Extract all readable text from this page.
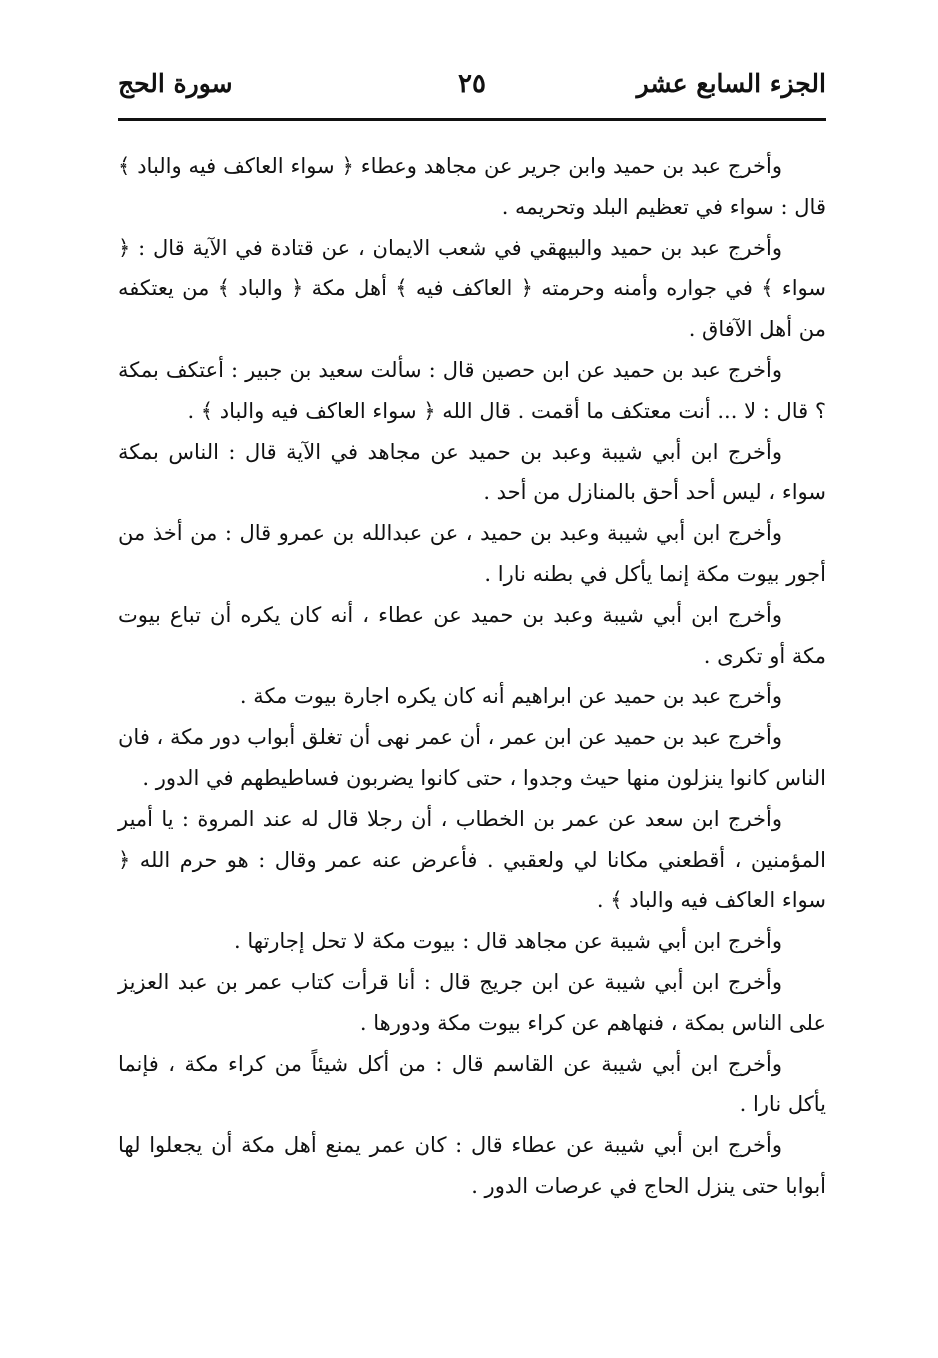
الجزء السابع عشر
٢٥
سورة الحج

وأخرج عبد بن حميد وابن جرير عن مجاهد وعطاء ﴿ سواء العاكف فيه والباد ﴾ قال : سواء في تعظيم البلد وتحريمه .

وأخرج عبد بن حميد والبيهقي في شعب الايمان ، عن قتادة في الآية قال : ﴿ سواء ﴾ في جواره وأمنه وحرمته ﴿ العاكف فيه ﴾ أهل مكة ﴿ والباد ﴾ من يعتكفه من أهل الآفاق .

وأخرج عبد بن حميد عن ابن حصين قال : سألت سعيد بن جبير : أعتكف بمكة ؟ قال : لا ... أنت معتكف ما أقمت . قال الله ﴿ سواء العاكف فيه والباد ﴾ .

وأخرج ابن أبي شيبة وعبد بن حميد عن مجاهد في الآية قال : الناس بمكة سواء ، ليس أحد أحق بالمنازل من أحد .

وأخرج ابن أبي شيبة وعبد بن حميد ، عن عبدالله بن عمرو قال : من أخذ من أجور بيوت مكة إنما يأكل في بطنه نارا .

وأخرج ابن أبي شيبة وعبد بن حميد عن عطاء ، أنه كان يكره أن تباع بيوت مكة أو تكرى .

وأخرج عبد بن حميد عن ابراهيم أنه كان يكره اجارة بيوت مكة .

وأخرج عبد بن حميد عن ابن عمر ، أن عمر نهى أن تغلق أبواب دور مكة ، فان الناس كانوا ينزلون منها حيث وجدوا ، حتى كانوا يضربون فساطيطهم في الدور .

وأخرج ابن سعد عن عمر بن الخطاب ، أن رجلا قال له عند المروة : يا أمير المؤمنين ، أقطعني مكانا لي ولعقبي . فأعرض عنه عمر وقال : هو حرم الله ﴿ سواء العاكف فيه والباد ﴾ .

وأخرج ابن أبي شيبة عن مجاهد قال : بيوت مكة لا تحل إجارتها .

وأخرج ابن أبي شيبة عن ابن جريج قال : أنا قرأت كتاب عمر بن عبد العزيز على الناس بمكة ، فنهاهم عن كراء بيوت مكة ودورها .

وأخرج ابن أبي شيبة عن القاسم قال : من أكل شيئاً من كراء مكة ، فإنما يأكل نارا .

وأخرج ابن أبي شيبة عن عطاء قال : كان عمر يمنع أهل مكة أن يجعلوا لها أبوابا حتى ينزل الحاج في عرصات الدور .
